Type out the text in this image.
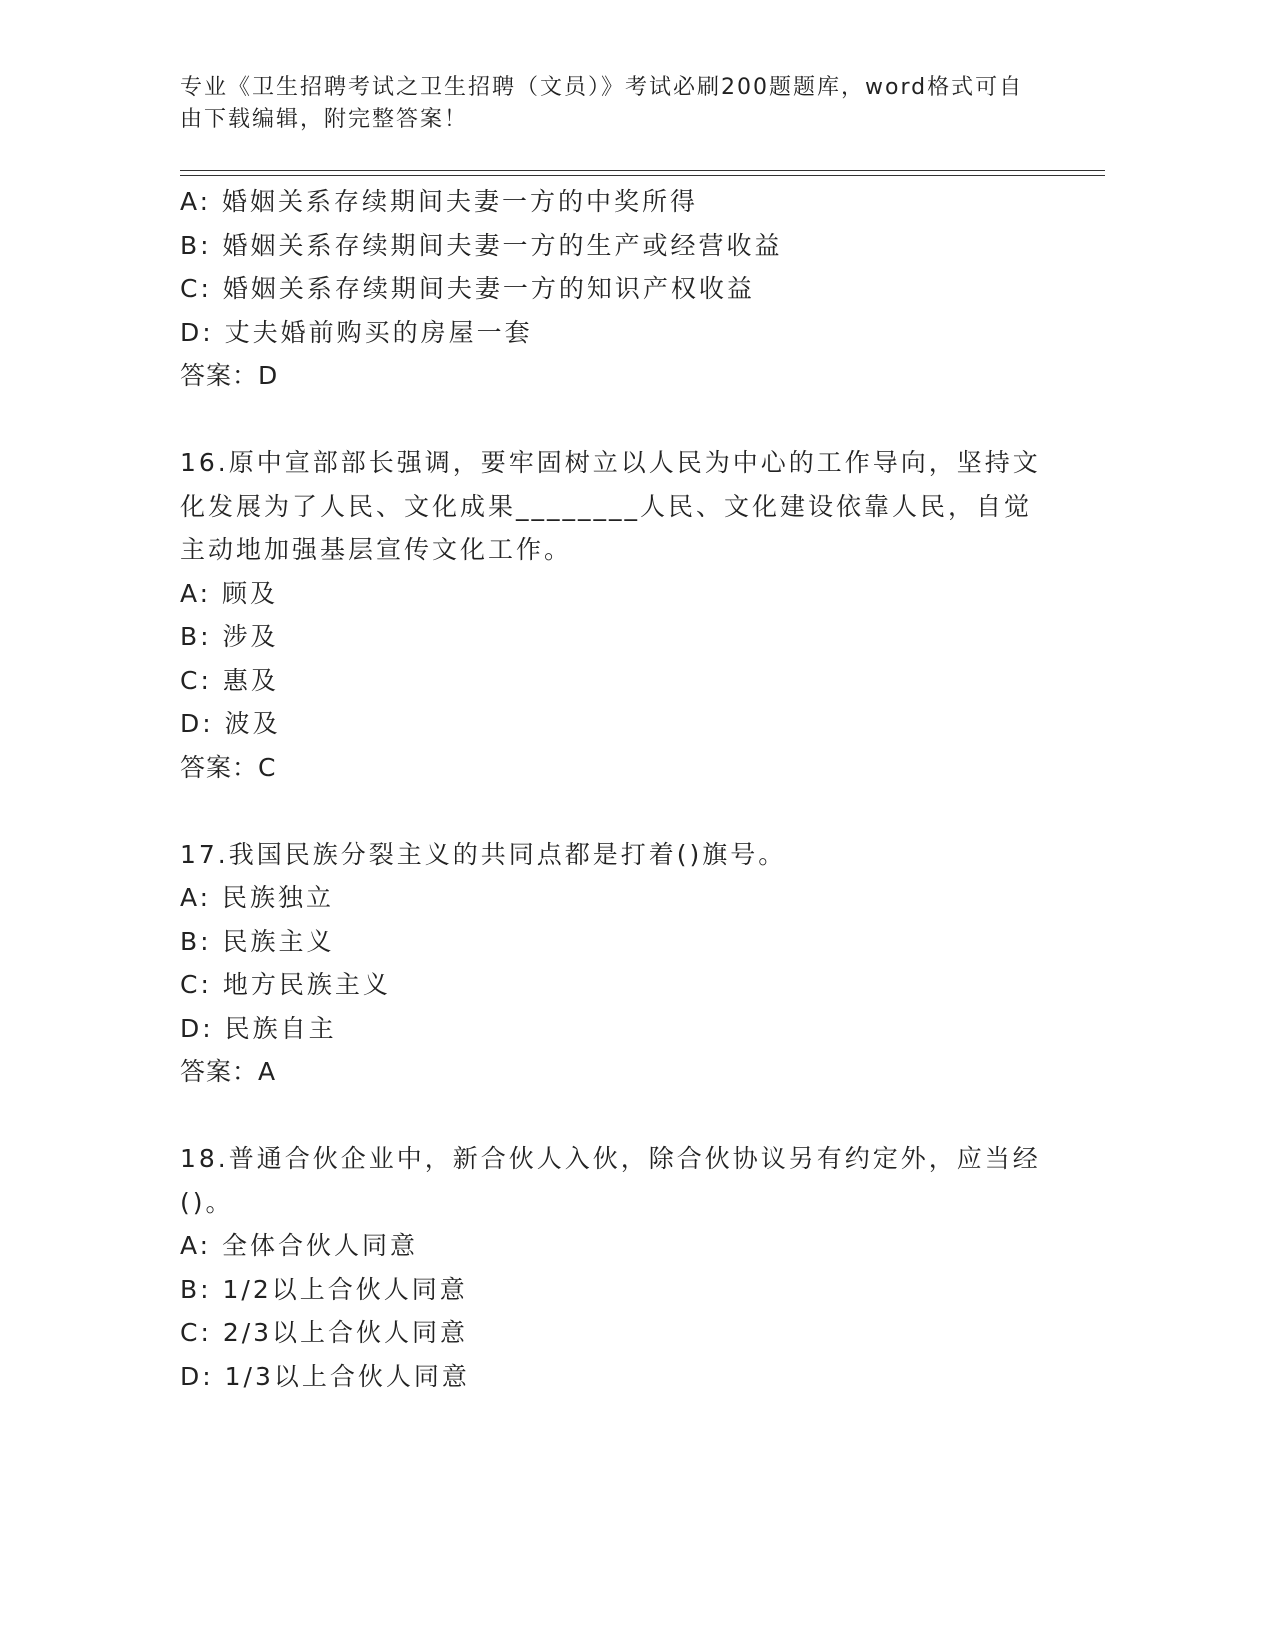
专业《卫生招聘考试之卫生招聘（文员）》考试必刷200题题库，word格式可自由下载编辑，附完整答案！
A: 婚姻关系存续期间夫妻一方的中奖所得
B: 婚姻关系存续期间夫妻一方的生产或经营收益
C: 婚姻关系存续期间夫妻一方的知识产权收益
D: 丈夫婚前购买的房屋一套
答案：D
16.原中宣部部长强调，要牢固树立以人民为中心的工作导向，坚持文化发展为了人民、文化成果________人民、文化建设依靠人民，自觉主动地加强基层宣传文化工作。
A: 顾及
B: 涉及
C: 惠及
D: 波及
答案：C
17.我国民族分裂主义的共同点都是打着()旗号。
A: 民族独立
B: 民族主义
C: 地方民族主义
D: 民族自主
答案：A
18.普通合伙企业中，新合伙人入伙，除合伙协议另有约定外，应当经()。
A: 全体合伙人同意
B: 1/2以上合伙人同意
C: 2/3以上合伙人同意
D: 1/3以上合伙人同意
